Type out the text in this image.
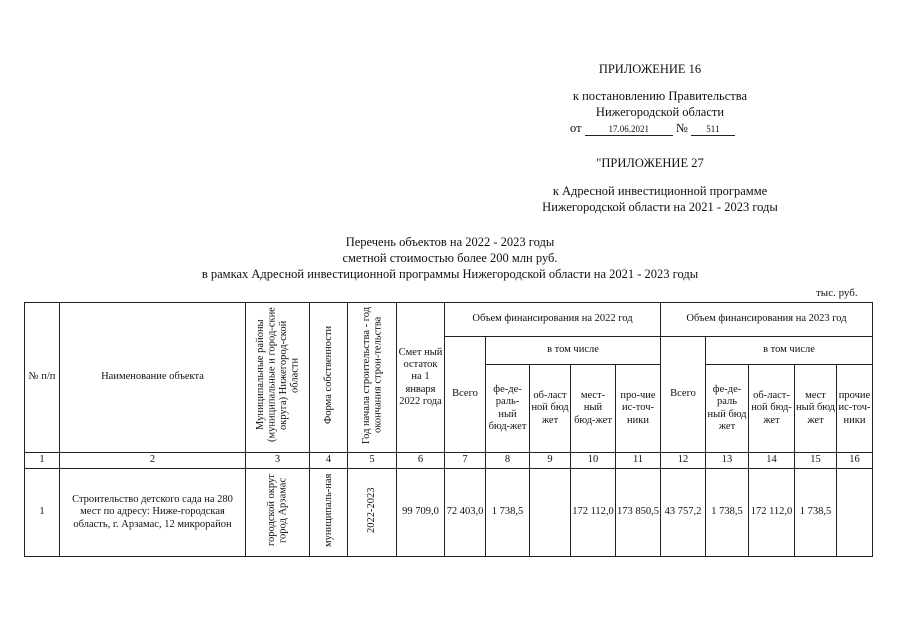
ПРИЛОЖЕНИЕ 16
к постановлению Правительства
Нижегородской области
от	17.06.2021 № 511
"ПРИЛОЖЕНИЕ 27
к Адресной инвестиционной программе
Нижегородской области на 2021 - 2023 годы
Перечень объектов на 2022 - 2023 годы
сметной стоимостью более 200 млн руб.
в рамках Адресной инвестиционной программы Нижегородской области на 2021 - 2023 годы
тыс. руб.
№ п/п	Наименование объекта	Муниципальные районы (муниципальные и город-ские округа) Нижегород-ской области	Форма собственности	Год начала строительства - год окончания строи-тельства	Смет ный остаток на 1 января 2022 года	Объем финансирования на 2022 год					Объем финансирования на 2023 год				
						Всего	в том числе				Всего	в том числе			
							фе-де-раль-ный бюд-жет	об-ласт ной бюд жет	мест-ный бюд-жет	про-чие ис-точ-ники		фе-де-раль ный бюд жет	об-ласт-ной бюд-жет	мест ный бюд жет	прочие ис-точ-ники
1	2	3	4	5	6	7	8	9	10	11	12	13	14	15	16
1	Строительство детского сада на 280 мест по адресу: Ниже-городская область, г. Арзамас, 12 микрорайон	городской округ город Арзамас	муниципаль-ная	2022-2023	99 709,0	72 403,0	1 738,5		172 112,0	173 850,5	43 757,2	1 738,5	172 112,0	1 738,5	
